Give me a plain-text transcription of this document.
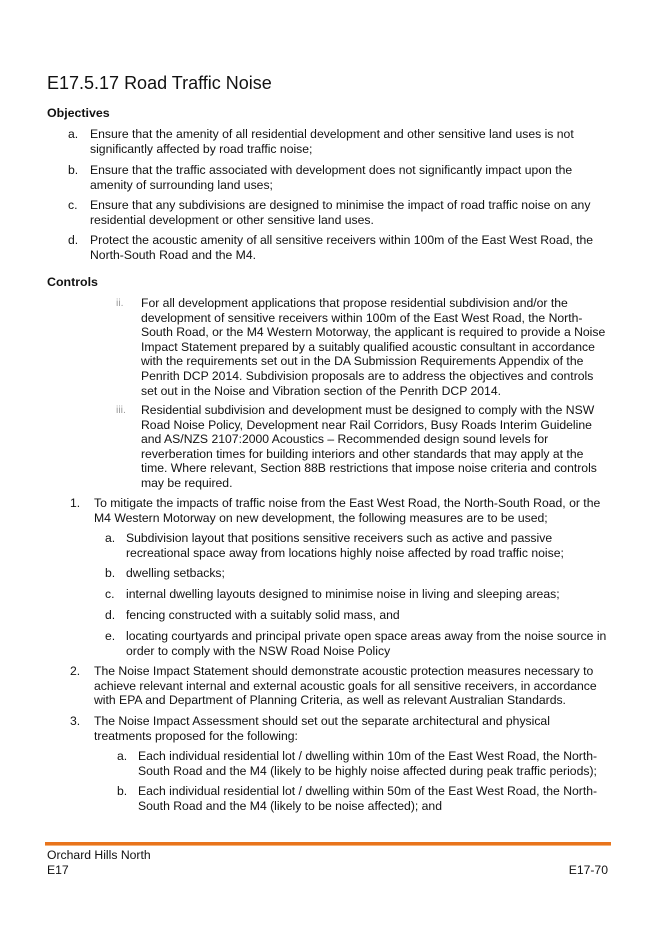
E17.5.17 Road Traffic Noise
Objectives
a. Ensure that the amenity of all residential development and other sensitive land uses is not significantly affected by road traffic noise;
b. Ensure that the traffic associated with development does not significantly impact upon the amenity of surrounding land uses;
c.	Ensure that any subdivisions are designed to minimise the impact of road traffic noise on any residential development or other sensitive land uses.
d. Protect the acoustic amenity of all sensitive receivers within 100m of the East West Road, the North-South Road and the M4.
Controls
ii.	For all development applications that propose residential subdivision and/or the development of sensitive receivers within 100m of the East West Road, the North-South Road, or the M4 Western Motorway, the applicant is required to provide a Noise Impact Statement prepared by a suitably qualified acoustic consultant in accordance with the requirements set out in the DA Submission Requirements Appendix of the Penrith DCP 2014. Subdivision proposals are to address the objectives and controls set out in the Noise and Vibration section of the Penrith DCP 2014.
iii.	Residential subdivision and development must be designed to comply with the NSW Road Noise Policy, Development near Rail Corridors, Busy Roads Interim Guideline and AS/NZS 2107:2000 Acoustics – Recommended design sound levels for reverberation times for building interiors and other standards that may apply at the time. Where relevant, Section 88B restrictions that impose noise criteria and controls may be required.
1.	To mitigate the impacts of traffic noise from the East West Road, the North-South Road, or the M4 Western Motorway on new development, the following measures are to be used;
a. Subdivision layout that positions sensitive receivers such as active and passive recreational space away from locations highly noise affected by road traffic noise;
b. dwelling setbacks;
c. internal dwelling layouts designed to minimise noise in living and sleeping areas;
d. fencing constructed with a suitably solid mass, and
e. locating courtyards and principal private open space areas away from the noise source in order to comply with the NSW Road Noise Policy
2.	The Noise Impact Statement should demonstrate acoustic protection measures necessary to achieve relevant internal and external acoustic goals for all sensitive receivers, in accordance with EPA and Department of Planning Criteria, as well as relevant Australian Standards.
3.	The Noise Impact Assessment should set out the separate architectural and physical treatments proposed for the following:
a. Each individual residential lot / dwelling within 10m of the East West Road, the North-South Road and the M4 (likely to be highly noise affected during peak traffic periods);
b. Each individual residential lot / dwelling within 50m of the East West Road, the North-South Road and the M4 (likely to be noise affected); and
Orchard Hills North
E17	E17-70
